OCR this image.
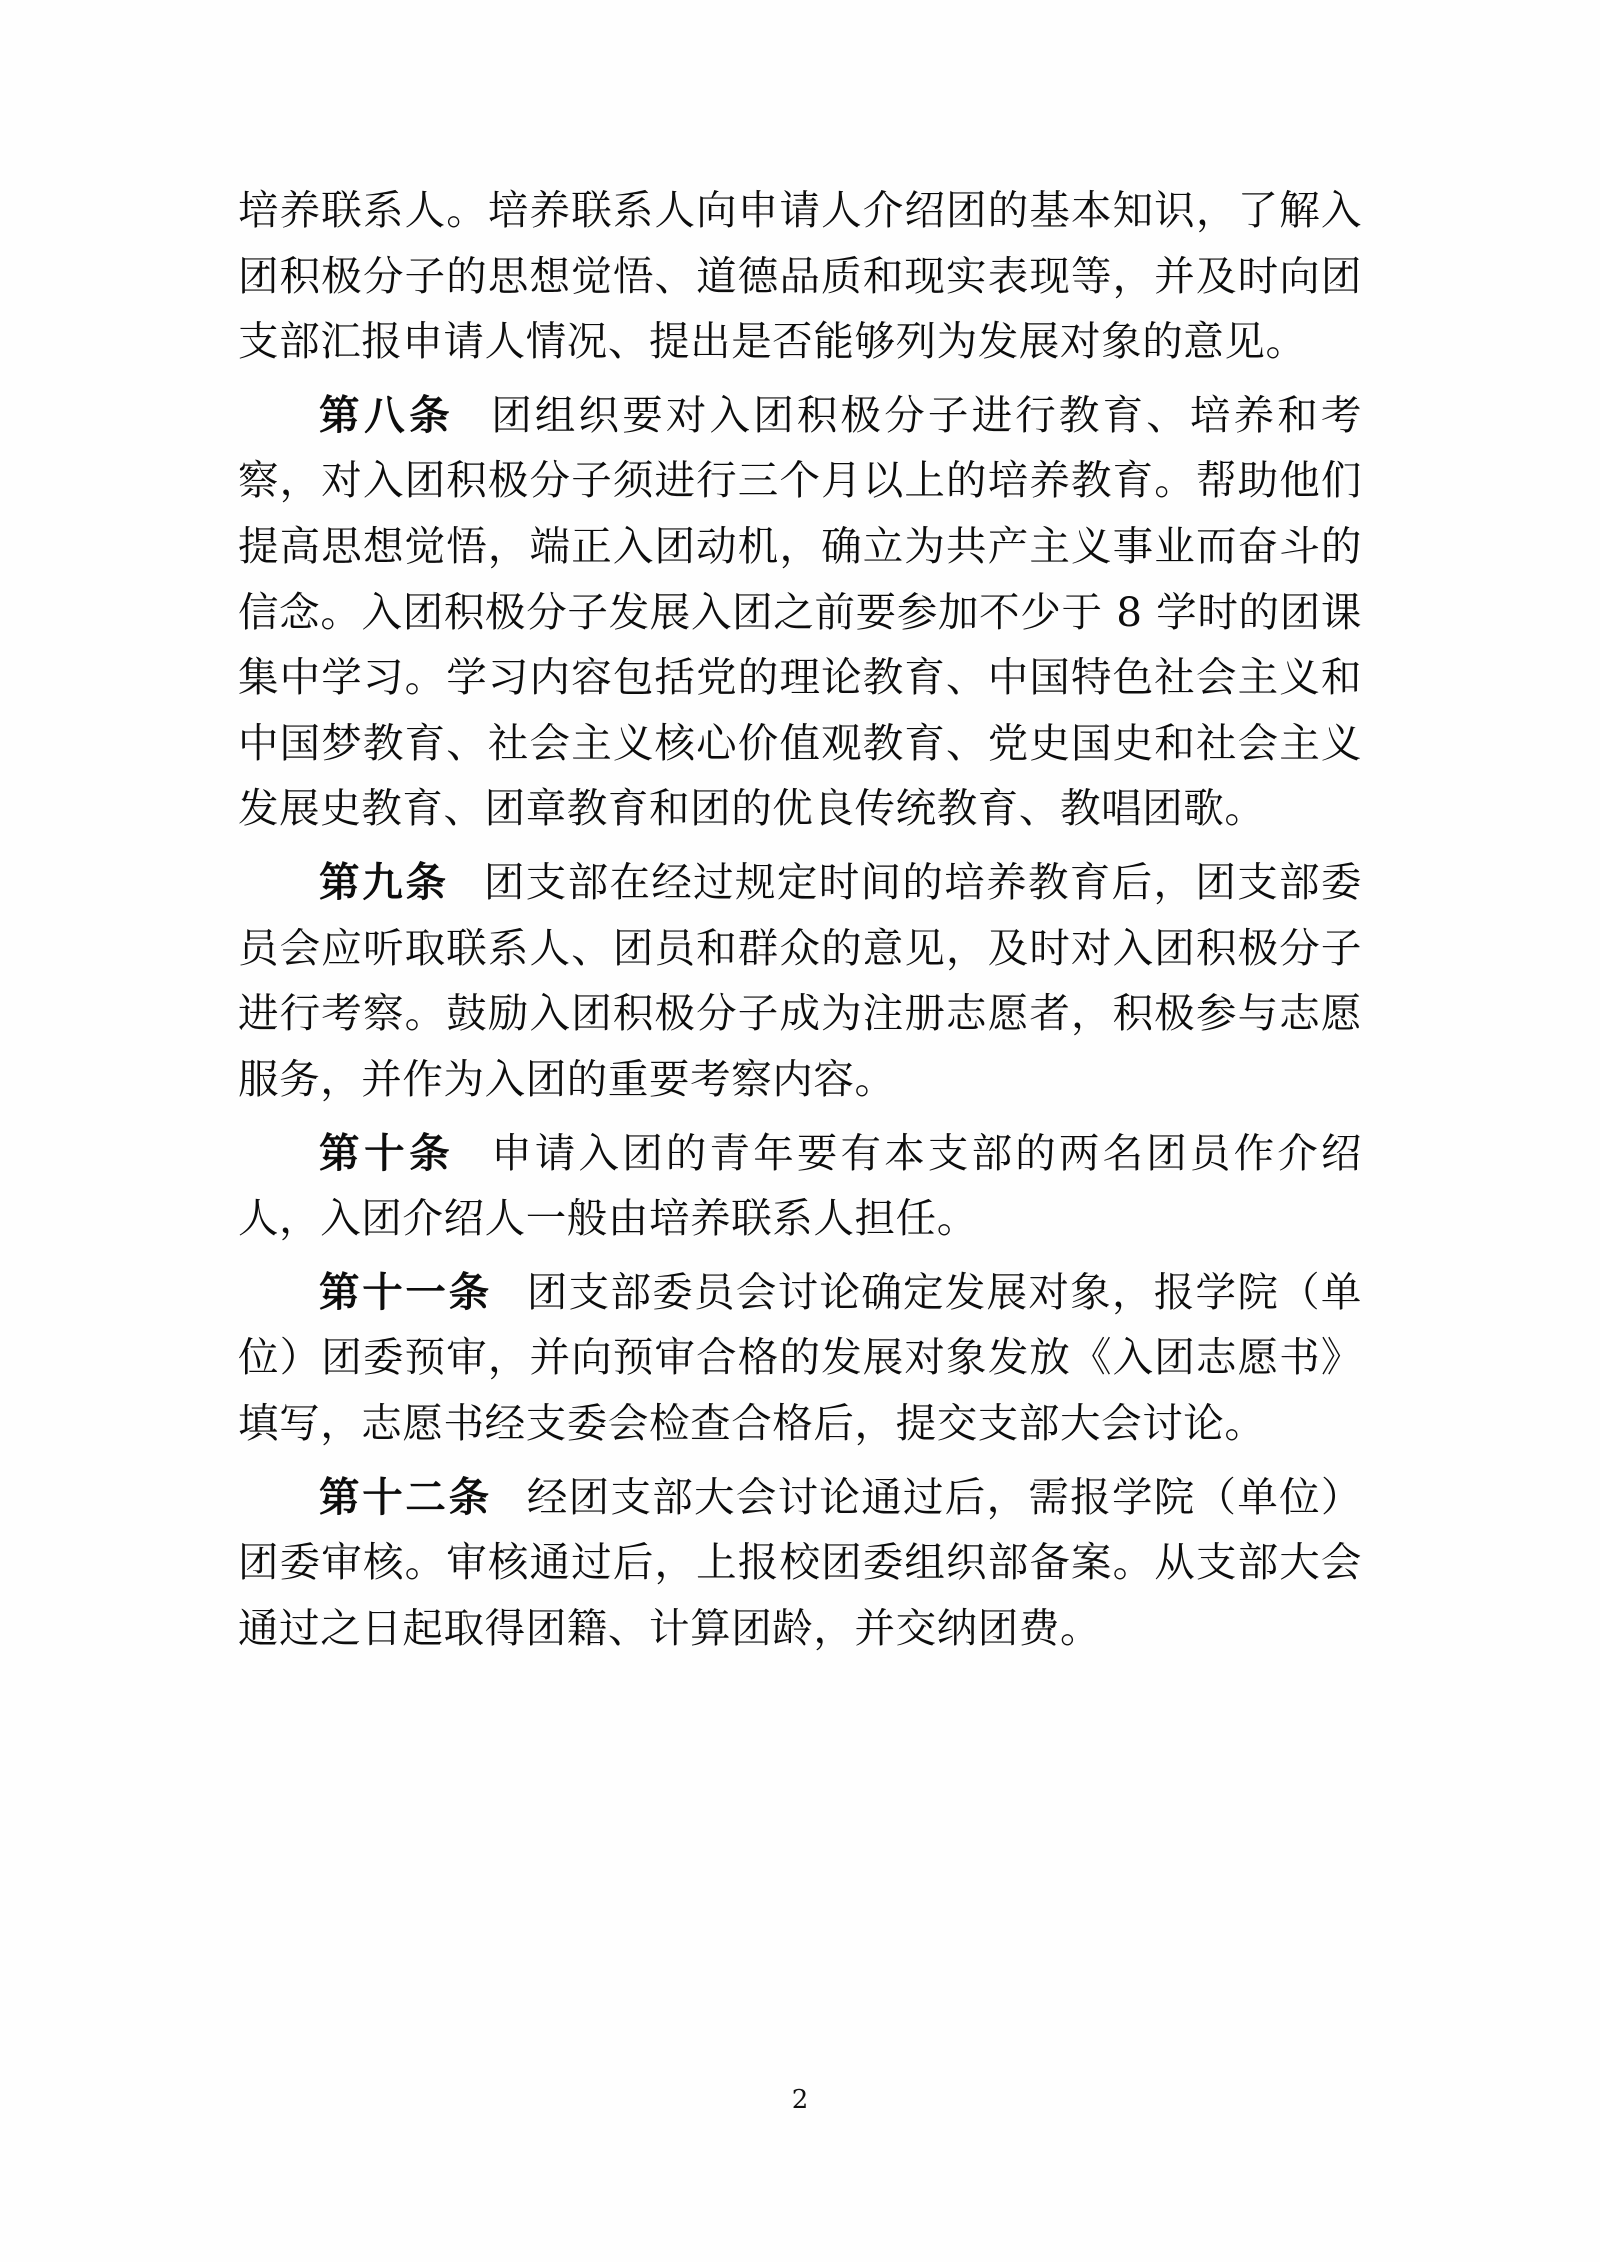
培养联系人。培养联系人向申请人介绍团的基本知识，了解入团积极分子的思想觉悟、道德品质和现实表现等，并及时向团支部汇报申请人情况、提出是否能够列为发展对象的意见。

第八条 团组织要对入团积极分子进行教育、培养和考察，对入团积极分子须进行三个月以上的培养教育。帮助他们提高思想觉悟，端正入团动机，确立为共产主义事业而奋斗的信念。入团积极分子发展入团之前要参加不少于 8 学时的团课集中学习。学习内容包括党的理论教育、中国特色社会主义和中国梦教育、社会主义核心价值观教育、党史国史和社会主义发展史教育、团章教育和团的优良传统教育、教唱团歌。

第九条 团支部在经过规定时间的培养教育后，团支部委员会应听取联系人、团员和群众的意见，及时对入团积极分子进行考察。鼓励入团积极分子成为注册志愿者，积极参与志愿服务，并作为入团的重要考察内容。

第十条 申请入团的青年要有本支部的两名团员作介绍人，入团介绍人一般由培养联系人担任。

第十一条 团支部委员会讨论确定发展对象，报学院（单位）团委预审，并向预审合格的发展对象发放《入团志愿书》填写，志愿书经支委会检查合格后，提交支部大会讨论。

第十二条 经团支部大会讨论通过后，需报学院（单位）团委审核。审核通过后，上报校团委组织部备案。从支部大会通过之日起取得团籍、计算团龄，并交纳团费。

2
